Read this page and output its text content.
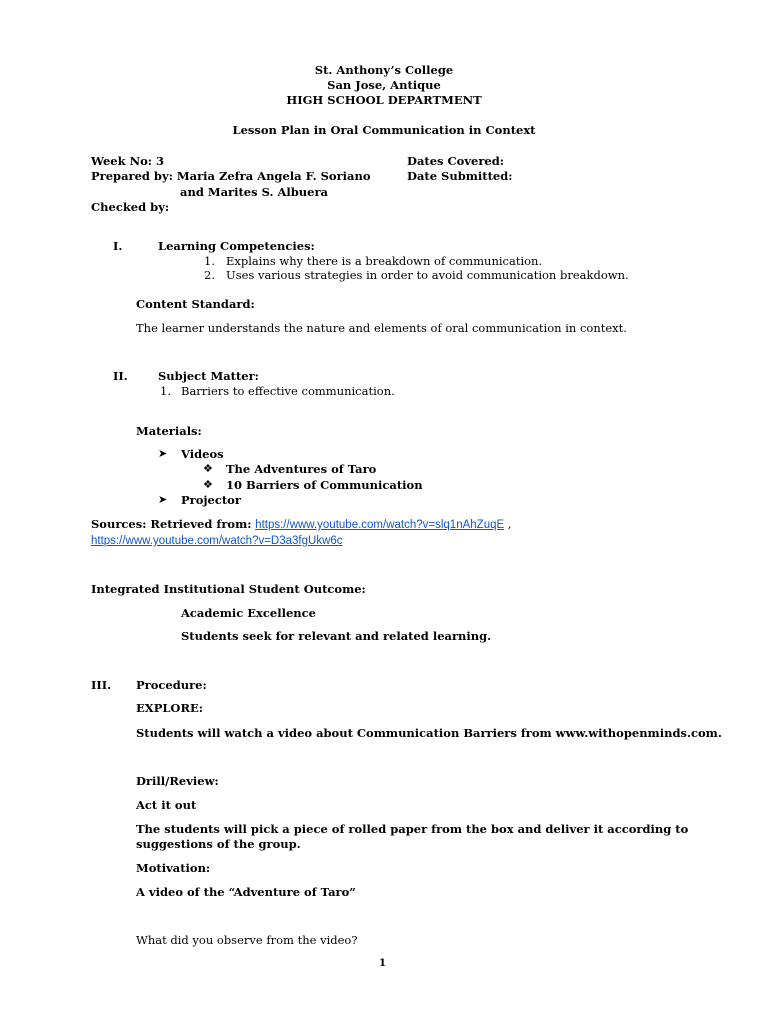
St. Anthony’s College
San Jose, Antique
HIGH SCHOOL DEPARTMENT
Lesson Plan in Oral Communication in Context
Week No: 3	Dates Covered:
Prepared by: Maria Zefra Angela F. Soriano	Date Submitted:
and Marites S. Albuera
Checked by:
I.	Learning Competencies:
1. Explains why there is a breakdown of communication.
2. Uses various strategies in order to avoid communication breakdown.
Content Standard:
The learner understands the nature and elements of oral communication in context.
II.	Subject Matter:
1. Barriers to effective communication.
Materials:
➤ Videos
❖ The Adventures of Taro
❖ 10 Barriers of Communication
➤ Projector
Sources: Retrieved from: https://www.youtube.com/watch?v=slq1nAhZuqE ,
https://www.youtube.com/watch?v=D3a3fgUkw6c
Integrated Institutional Student Outcome:
Academic Excellence
Students seek for relevant and related learning.
III. Procedure:
EXPLORE:
Students will watch a video about Communication Barriers from www.withopenminds.com.
Drill/Review:
Act it out
The students will pick a piece of rolled paper from the box and deliver it according to
suggestions of the group.
Motivation:
A video of the “Adventure of Taro”
What did you observe from the video?
1
